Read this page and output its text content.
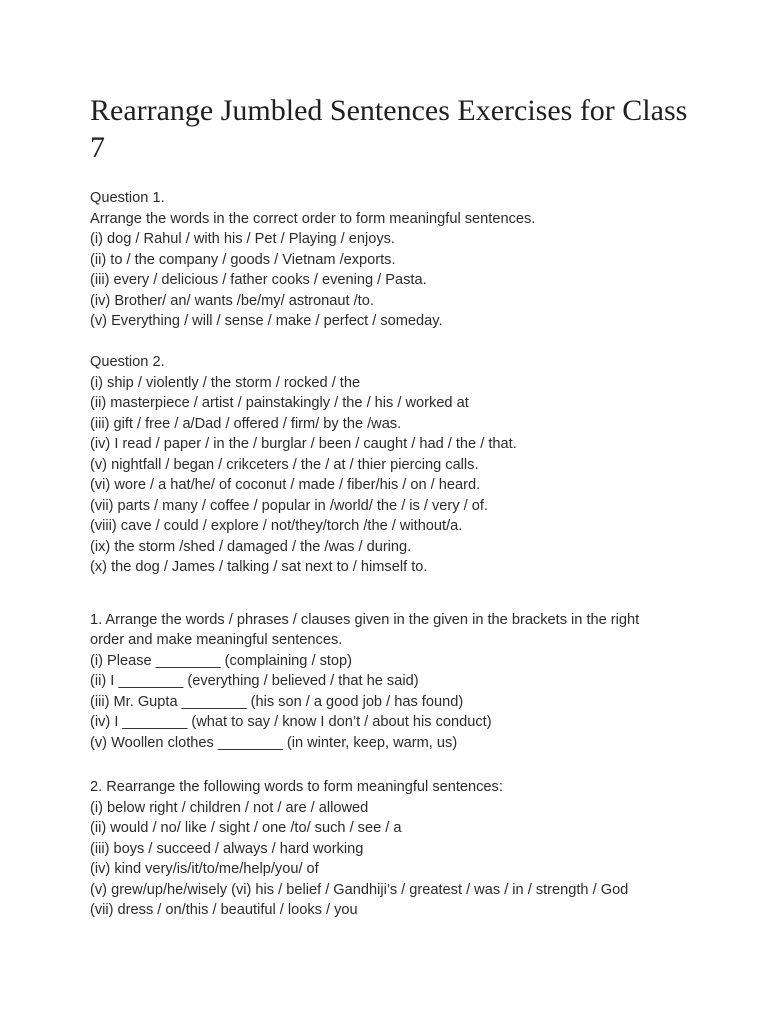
Rearrange Jumbled Sentences Exercises for Class 7
Question 1.
Arrange the words in the correct order to form meaningful sentences.
(i) dog / Rahul / with his / Pet / Playing / enjoys.
(ii) to / the company / goods / Vietnam /exports.
(iii) every / delicious / father cooks / evening / Pasta.
(iv) Brother/ an/ wants /be/my/ astronaut /to.
(v) Everything / will / sense / make / perfect / someday.
Question 2.
(i) ship / violently / the storm / rocked / the
(ii) masterpiece / artist / painstakingly / the / his / worked at
(iii) gift / free / a/Dad / offered / firm/ by the /was.
(iv) I read / paper / in the / burglar / been / caught / had / the / that.
(v) nightfall / began / crikceters / the / at / thier piercing calls.
(vi) wore / a hat/he/ of coconut / made / fiber/his / on / heard.
(vii) parts / many / coffee / popular in /world/ the / is / very / of.
(viii) cave / could / explore / not/they/torch /the / without/a.
(ix) the storm /shed / damaged / the /was / during.
(x) the dog / James / talking / sat next to / himself to.
1. Arrange the words / phrases / clauses given in the given in the brackets in the right order and make meaningful sentences.
(i) Please ________ (complaining / stop)
(ii) I ________ (everything / believed / that he said)
(iii) Mr. Gupta ________ (his son / a good job / has found)
(iv) I ________ (what to say / know I don’t / about his conduct)
(v) Woollen clothes ________ (in winter, keep, warm, us)
2. Rearrange the following words to form meaningful sentences:
(i) below right / children / not / are / allowed
(ii) would / no/ like / sight / one /to/ such / see / a
(iii) boys / succeed / always / hard working
(iv) kind very/is/it/to/me/help/you/ of
(v) grew/up/he/wisely (vi) his / belief / Gandhiji’s / greatest / was / in / strength / God
(vii) dress / on/this / beautiful / looks / you
